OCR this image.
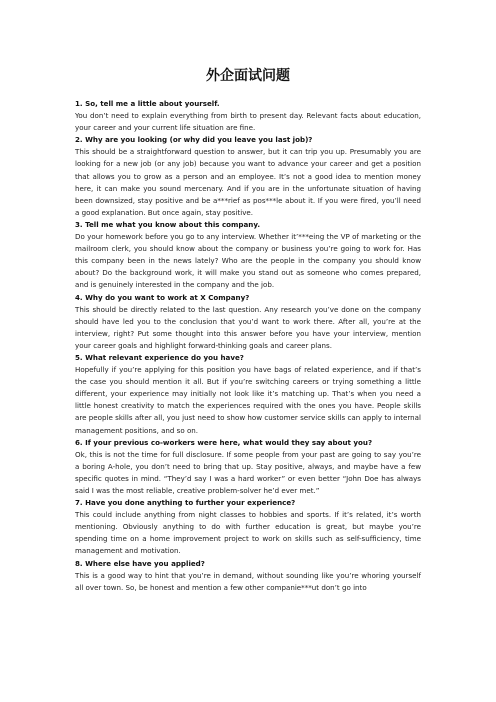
外企面试问题

1. So, tell me a little about yourself.

You don’t need to explain everything from birth to present day. Relevant facts about education, your career and your current life situation are fine.

2. Why are you looking (or why did you leave you last job)?

This should be a straightforward question to answer, but it can trip you up. Presumably you are looking for a new job (or any job) because you want to advance your career and get a position that allows you to grow as a person and an employee. It’s not a good idea to mention money here, it can make you sound mercenary. And if you are in the unfortunate situation of having been downsized, stay positive and be a***rief as pos***le about it. If you were fired, you’ll need a good explanation. But once again, stay positive.

3. Tell me what you know about this company.

Do your homework before you go to any interview. Whether it’***eing the VP of marketing or the mailroom clerk, you should know about the company or business you’re going to work for. Has this company been in the news lately? Who are the people in the company you should know about? Do the background work, it will make you stand out as someone who comes prepared, and is genuinely interested in the company and the job.

4. Why do you want to work at X Company?

This should be directly related to the last question. Any research you’ve done on the company should have led you to the conclusion that you’d want to work there. After all, you’re at the interview, right? Put some thought into this answer before you have your interview, mention your career goals and highlight forward-thinking goals and career plans.

5. What relevant experience do you have?

Hopefully if you’re applying for this position you have bags of related experience, and if that’s the case you should mention it all. But if you’re switching careers or trying something a little different, your experience may initially not look like it’s matching up. That’s when you need a little honest creativity to match the experiences required with the ones you have. People skills are people skills after all, you just need to show how customer service skills can apply to internal management positions, and so on.

6. If your previous co-workers were here, what would they say about you?

Ok, this is not the time for full disclosure. If some people from your past are going to say you’re a boring A-hole, you don’t need to bring that up. Stay positive, always, and maybe have a few specific quotes in mind. “They’d say I was a hard worker” or even better “John Doe has always said I was the most reliable, creative problem-solver he’d ever met.”

7. Have you done anything to further your experience?

This could include anything from night classes to hobbies and sports. If it’s related, it’s worth mentioning. Obviously anything to do with further education is great, but maybe you’re spending time on a home improvement project to work on skills such as self-sufficiency, time management and motivation.

8. Where else have you applied?

This is a good way to hint that you’re in demand, without sounding like you’re whoring yourself all over town. So, be honest and mention a few other companie***ut don’t go into
